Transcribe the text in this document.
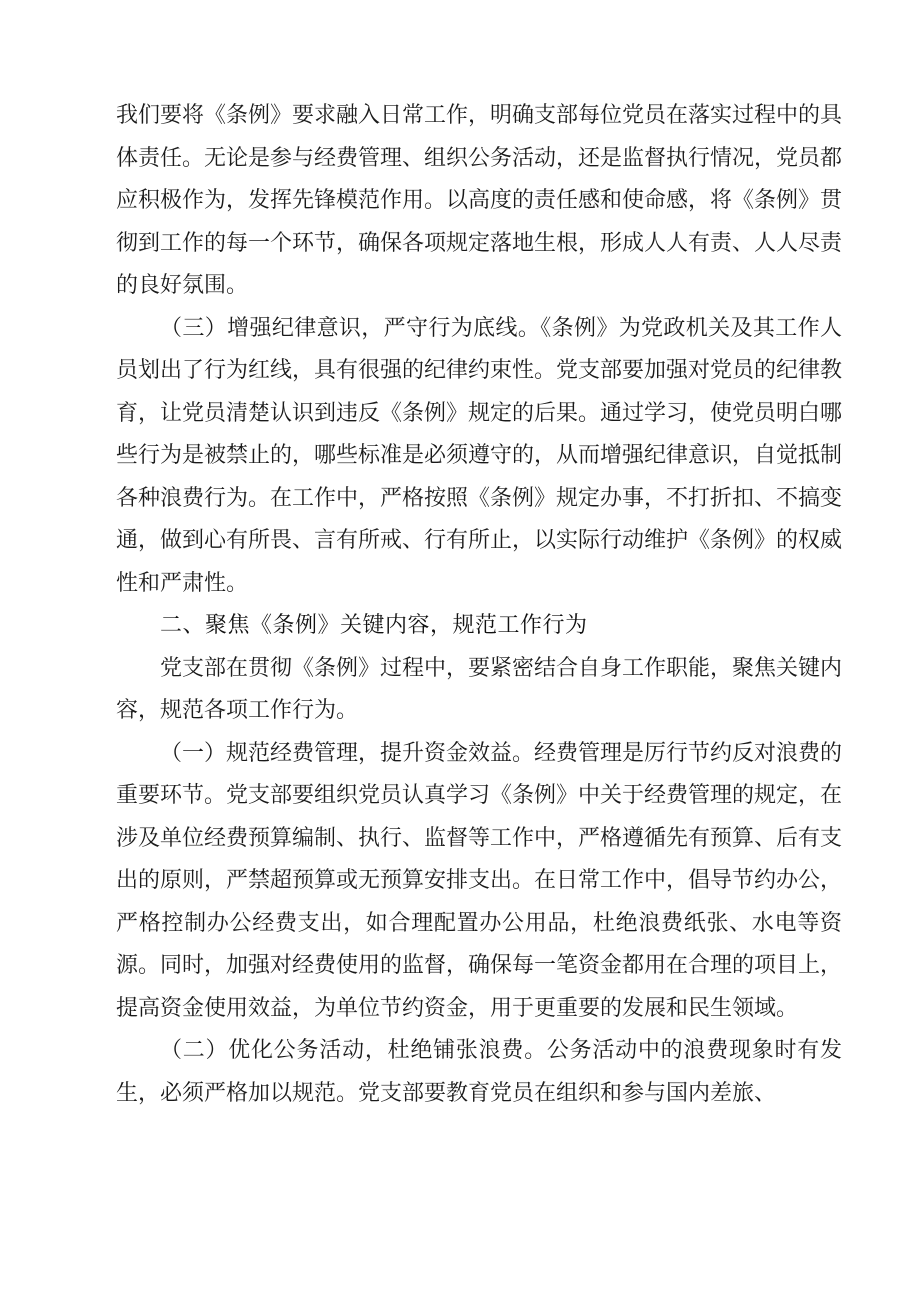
我们要将《条例》要求融入日常工作，明确支部每位党员在落实过程中的具体责任。无论是参与经费管理、组织公务活动，还是监督执行情况，党员都应积极作为，发挥先锋模范作用。以高度的责任感和使命感，将《条例》贯彻到工作的每一个环节，确保各项规定落地生根，形成人人有责、人人尽责的良好氛围。

（三）增强纪律意识，严守行为底线。《条例》为党政机关及其工作人员划出了行为红线，具有很强的纪律约束性。党支部要加强对党员的纪律教育，让党员清楚认识到违反《条例》规定的后果。通过学习，使党员明白哪些行为是被禁止的，哪些标准是必须遵守的，从而增强纪律意识，自觉抵制各种浪费行为。在工作中，严格按照《条例》规定办事，不打折扣、不搞变通，做到心有所畏、言有所戒、行有所止，以实际行动维护《条例》的权威性和严肃性。

二、聚焦《条例》关键内容，规范工作行为

党支部在贯彻《条例》过程中，要紧密结合自身工作职能，聚焦关键内容，规范各项工作行为。

（一）规范经费管理，提升资金效益。经费管理是厉行节约反对浪费的重要环节。党支部要组织党员认真学习《条例》中关于经费管理的规定，在涉及单位经费预算编制、执行、监督等工作中，严格遵循先有预算、后有支出的原则，严禁超预算或无预算安排支出。在日常工作中，倡导节约办公，严格控制办公经费支出，如合理配置办公用品，杜绝浪费纸张、水电等资源。同时，加强对经费使用的监督，确保每一笔资金都用在合理的项目上，提高资金使用效益，为单位节约资金，用于更重要的发展和民生领域。

（二）优化公务活动，杜绝铺张浪费。公务活动中的浪费现象时有发生，必须严格加以规范。党支部要教育党员在组织和参与国内差旅、
